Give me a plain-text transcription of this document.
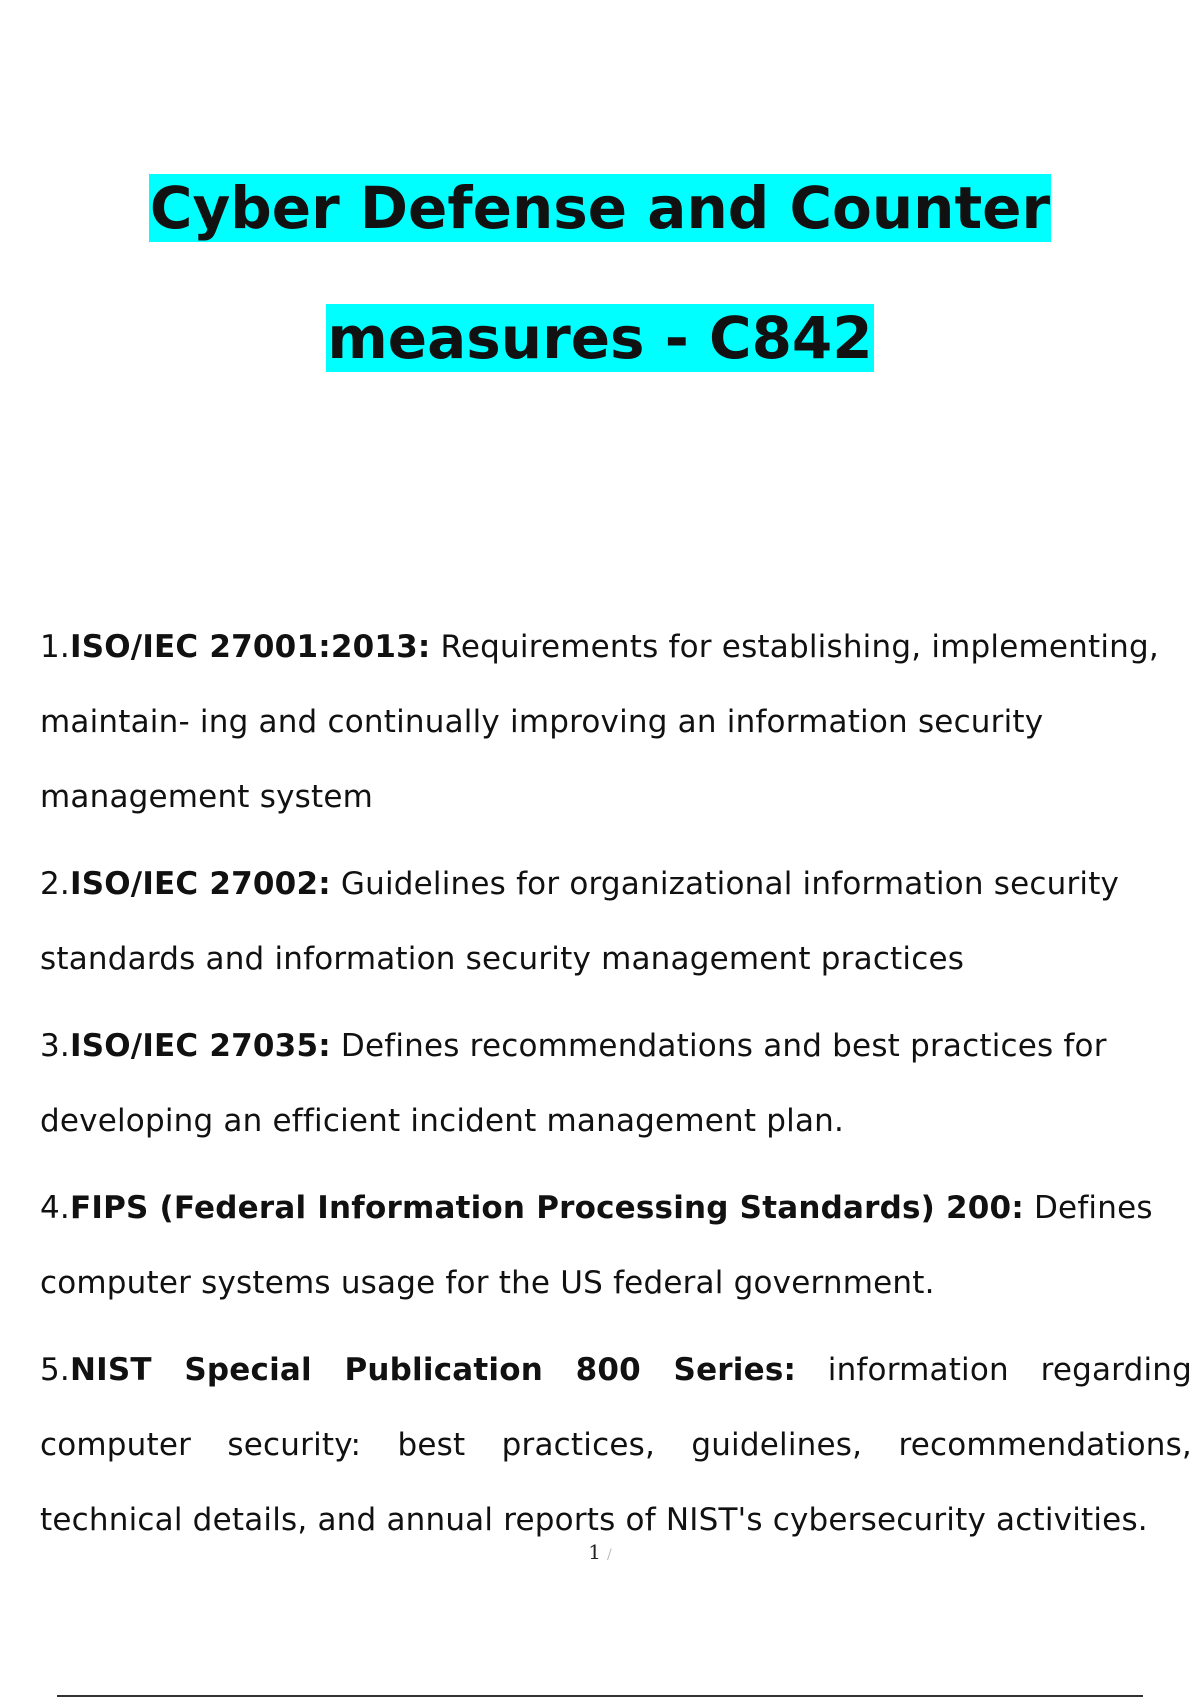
Cyber Defense and Counter
measures - C842
1.ISO/IEC 27001:2013: Requirements for establishing, implementing, maintain- ing and continually improving an information security management system
2.ISO/IEC 27002: Guidelines for organizational information security standards and information security management practices
3.ISO/IEC 27035: Defines recommendations and best practices for developing an efficient incident management plan.
4.FIPS (Federal Information Processing Standards) 200: Defines computer systems usage for the US federal government.
5.NIST Special Publication 800 Series: information regarding computer security: best practices, guidelines, recommendations, technical details, and annual reports of NIST's cybersecurity activities.
1 /
